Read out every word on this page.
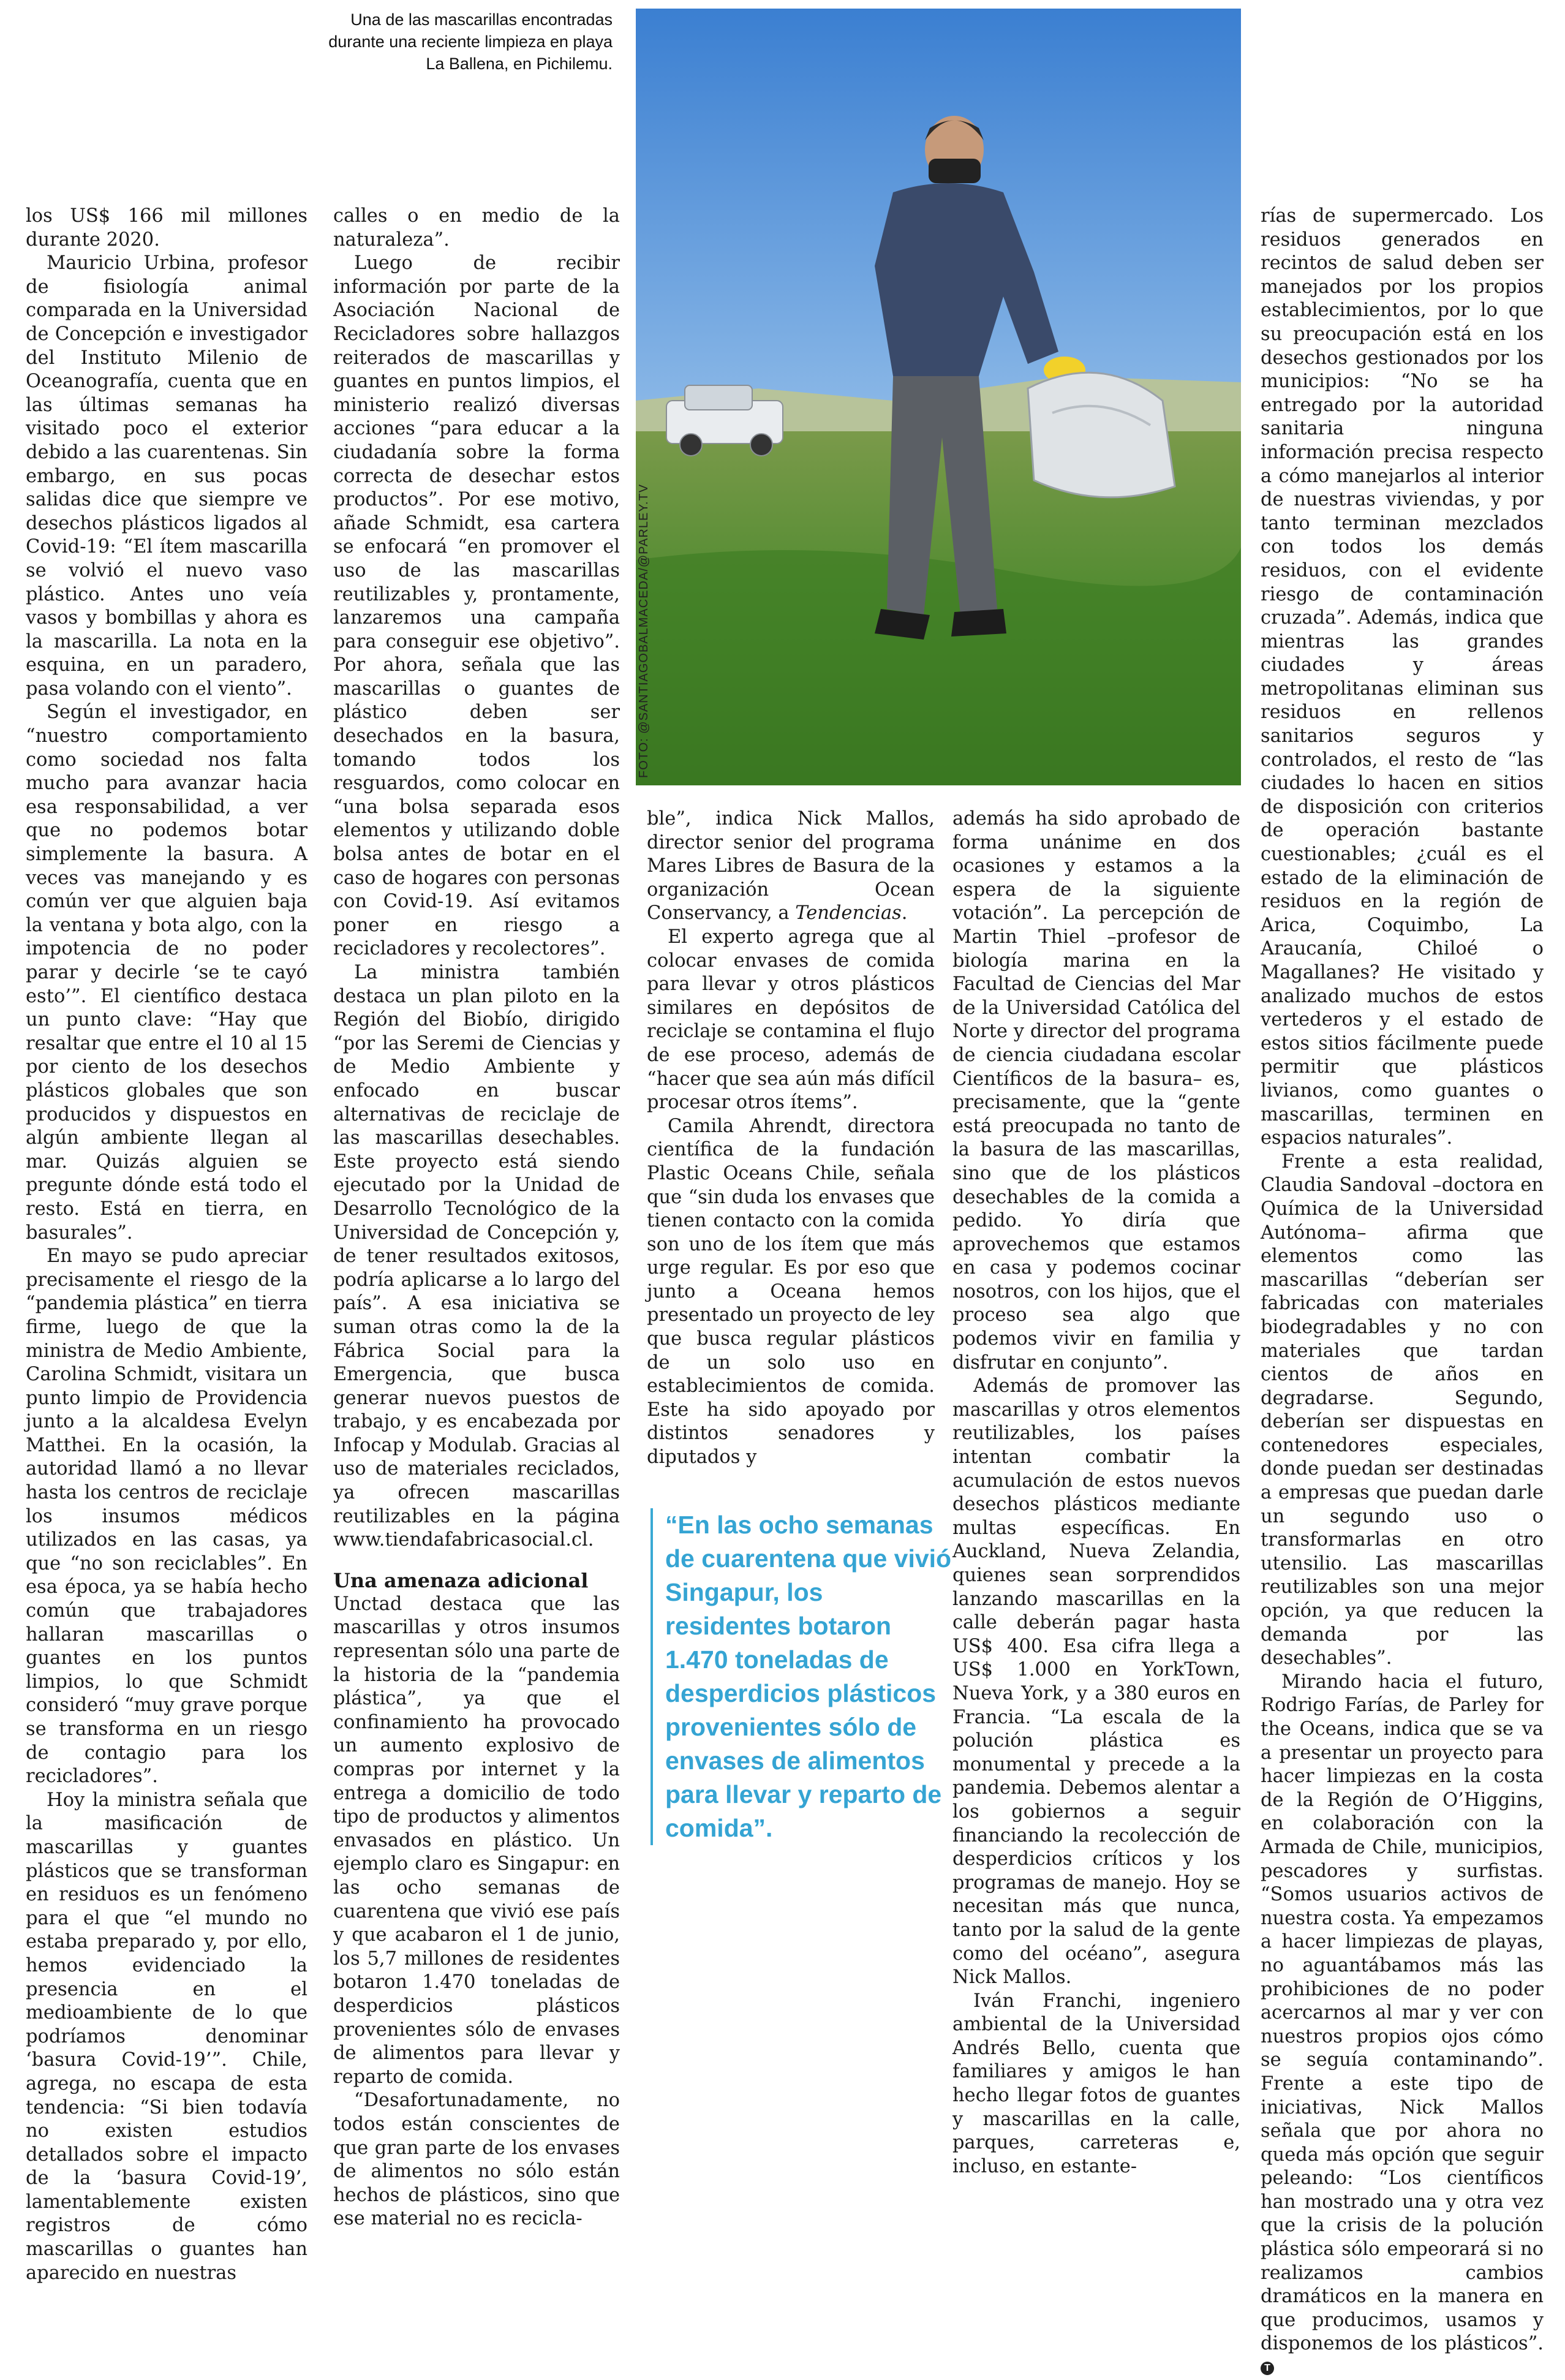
Una de las mascarillas encontradas durante una reciente limpieza en playa La Ballena, en Pichilemu.
FOTO: @SANTIAGOBALMACEDA/@PARLEY.TV

los US$ 166 mil millones durante 2020.

Mauricio Urbina, profesor de fisiología animal comparada en la Universidad de Concepción e investigador del Instituto Milenio de Oceanografía, cuenta que en las últimas semanas ha visitado poco el exterior debido a las cuarentenas. Sin embargo, en sus pocas salidas dice que siempre ve desechos plásticos ligados al Covid-19: “El ítem mascarilla se volvió el nuevo vaso plástico. Antes uno veía vasos y bombillas y ahora es la mascarilla. La nota en la esquina, en un paradero, pasa volando con el viento”.

Según el investigador, en “nuestro comportamiento como sociedad nos falta mucho para avanzar hacia esa responsabilidad, a ver que no podemos botar simplemente la basura. A veces vas manejando y es común ver que alguien baja la ventana y bota algo, con la impotencia de no poder parar y decirle ‘se te cayó esto’”. El científico destaca un punto clave: “Hay que resaltar que entre el 10 al 15 por ciento de los desechos plásticos globales que son producidos y dispuestos en algún ambiente llegan al mar. Quizás alguien se pregunte dónde está todo el resto. Está en tierra, en basurales”.

En mayo se pudo apreciar precisamente el riesgo de la “pandemia plástica” en tierra firme, luego de que la ministra de Medio Ambiente, Carolina Schmidt, visitara un punto limpio de Providencia junto a la alcaldesa Evelyn Matthei. En la ocasión, la autoridad llamó a no llevar hasta los centros de reciclaje los insumos médicos utilizados en las casas, ya que “no son reciclables”. En esa época, ya se había hecho común que trabajadores hallaran mascarillas o guantes en los puntos limpios, lo que Schmidt consideró “muy grave porque se transforma en un riesgo de contagio para los recicladores”.

Hoy la ministra señala que la masificación de mascarillas y guantes plásticos que se transforman en residuos es un fenómeno para el que “el mundo no estaba preparado y, por ello, hemos evidenciado la presencia en el medioambiente de lo que podríamos denominar ‘basura Covid-19’”. Chile, agrega, no escapa de esta tendencia: “Si bien todavía no existen estudios detallados sobre el impacto de la ‘basura Covid-19’, lamentablemente existen registros de cómo mascarillas o guantes han aparecido en nuestras

calles o en medio de la naturaleza”.

Luego de recibir información por parte de la Asociación Nacional de Recicladores sobre hallazgos reiterados de mascarillas y guantes en puntos limpios, el ministerio realizó diversas acciones “para educar a la ciudadanía sobre la forma correcta de desechar estos productos”. Por ese motivo, añade Schmidt, esa cartera se enfocará “en promover el uso de las mascarillas reutilizables y, prontamente, lanzaremos una campaña para conseguir ese objetivo”. Por ahora, señala que las mascarillas o guantes de plástico deben ser desechados en la basura, tomando todos los resguardos, como colocar en “una bolsa separada esos elementos y utilizando doble bolsa antes de botar en el caso de hogares con personas con Covid-19. Así evitamos poner en riesgo a recicladores y recolectores”.

La ministra también destaca un plan piloto en la Región del Biobío, dirigido “por las Seremi de Ciencias y de Medio Ambiente y enfocado en buscar alternativas de reciclaje de las mascarillas desechables. Este proyecto está siendo ejecutado por la Unidad de Desarrollo Tecnológico de la Universidad de Concepción y, de tener resultados exitosos, podría aplicarse a lo largo del país”. A esa iniciativa se suman otras como la de la Fábrica Social para la Emergencia, que busca generar nuevos puestos de trabajo, y es encabezada por Infocap y Modulab. Gracias al uso de materiales reciclados, ya ofrecen mascarillas reutilizables en la página www.tiendafabricasocial.cl.

Una amenaza adicional

Unctad destaca que las mascarillas y otros insumos representan sólo una parte de la historia de la “pandemia plástica”, ya que el confinamiento ha provocado un aumento explosivo de compras por internet y la entrega a domicilio de todo tipo de productos y alimentos envasados en plástico. Un ejemplo claro es Singapur: en las ocho semanas de cuarentena que vivió ese país y que acabaron el 1 de junio, los 5,7 millones de residentes botaron 1.470 toneladas de desperdicios plásticos provenientes sólo de envases de alimentos para llevar y reparto de comida.

“Desafortunadamente, no todos están conscientes de que gran parte de los envases de alimentos no sólo están hechos de plásticos, sino que ese material no es recicla-

ble”, indica Nick Mallos, director senior del programa Mares Libres de Basura de la organización Ocean Conservancy, a Tendencias.

El experto agrega que al colocar envases de comida para llevar y otros plásticos similares en depósitos de reciclaje se contamina el flujo de ese proceso, además de “hacer que sea aún más difícil procesar otros ítems”.

Camila Ahrendt, directora científica de la fundación Plastic Oceans Chile, señala que “sin duda los envases que tienen contacto con la comida son uno de los ítem que más urge regular. Es por eso que junto a Oceana hemos presentado un proyecto de ley que busca regular plásticos de un solo uso en establecimientos de comida. Este ha sido apoyado por distintos senadores y diputados y

“En las ocho semanas de cuarentena que vivió Singapur, los residentes botaron 1.470 toneladas de desperdicios plásticos provenientes sólo de envases de alimentos para llevar y reparto de comida”.

además ha sido aprobado de forma unánime en dos ocasiones y estamos a la espera de la siguiente votación”. La percepción de Martin Thiel –profesor de biología marina en la Facultad de Ciencias del Mar de la Universidad Católica del Norte y director del programa de ciencia ciudadana escolar Científicos de la basura– es, precisamente, que la “gente está preocupada no tanto de la basura de las mascarillas, sino que de los plásticos desechables de la comida a pedido. Yo diría que aprovechemos que estamos en casa y podemos cocinar nosotros, con los hijos, que el proceso sea algo que podemos vivir en familia y disfrutar en conjunto”.

Además de promover las mascarillas y otros elementos reutilizables, los países intentan combatir la acumulación de estos nuevos desechos plásticos mediante multas específicas. En Auckland, Nueva Zelandia, quienes sean sorprendidos lanzando mascarillas en la calle deberán pagar hasta US$ 400. Esa cifra llega a US$ 1.000 en YorkTown, Nueva York, y a 380 euros en Francia. “La escala de la polución plástica es monumental y precede a la pandemia. Debemos alentar a los gobiernos a seguir financiando la recolección de desperdicios críticos y los programas de manejo. Hoy se necesitan más que nunca, tanto por la salud de la gente como del océano”, asegura Nick Mallos.

Iván Franchi, ingeniero ambiental de la Universidad Andrés Bello, cuenta que familiares y amigos le han hecho llegar fotos de guantes y mascarillas en la calle, parques, carreteras e, incluso, en estante-

rías de supermercado. Los residuos generados en recintos de salud deben ser manejados por los propios establecimientos, por lo que su preocupación está en los desechos gestionados por los municipios: “No se ha entregado por la autoridad sanitaria ninguna información precisa respecto a cómo manejarlos al interior de nuestras viviendas, y por tanto terminan mezclados con todos los demás residuos, con el evidente riesgo de contaminación cruzada”. Además, indica que mientras las grandes ciudades y áreas metropolitanas eliminan sus residuos en rellenos sanitarios seguros y controlados, el resto de “las ciudades lo hacen en sitios de disposición con criterios de operación bastante cuestionables; ¿cuál es el estado de la eliminación de residuos en la región de Arica, Coquimbo, La Araucanía, Chiloé o Magallanes? He visitado y analizado muchos de estos vertederos y el estado de estos sitios fácilmente puede permitir que plásticos livianos, como guantes o mascarillas, terminen en espacios naturales”.

Frente a esta realidad, Claudia Sandoval –doctora en Química de la Universidad Autónoma– afirma que elementos como las mascarillas “deberían ser fabricadas con materiales biodegradables y no con materiales que tardan cientos de años en degradarse. Segundo, deberían ser dispuestas en contenedores especiales, donde puedan ser destinadas a empresas que puedan darle un segundo uso o transformarlas en otro utensilio. Las mascarillas reutilizables son una mejor opción, ya que reducen la demanda por las desechables”.

Mirando hacia el futuro, Rodrigo Farías, de Parley for the Oceans, indica que se va a presentar un proyecto para hacer limpiezas en la costa de la Región de O’Higgins, en colaboración con la Armada de Chile, municipios, pescadores y surfistas. “Somos usuarios activos de nuestra costa. Ya empezamos a hacer limpiezas de playas, no aguantábamos más las prohibiciones de no poder acercarnos al mar y ver con nuestros propios ojos cómo se seguía contaminando”. Frente a este tipo de iniciativas, Nick Mallos señala que por ahora no queda más opción que seguir peleando: “Los científicos han mostrado una y otra vez que la crisis de la polución plástica sólo empeorará si no realizamos cambios dramáticos en la manera en que producimos, usamos y disponemos de los plásticos”. T
